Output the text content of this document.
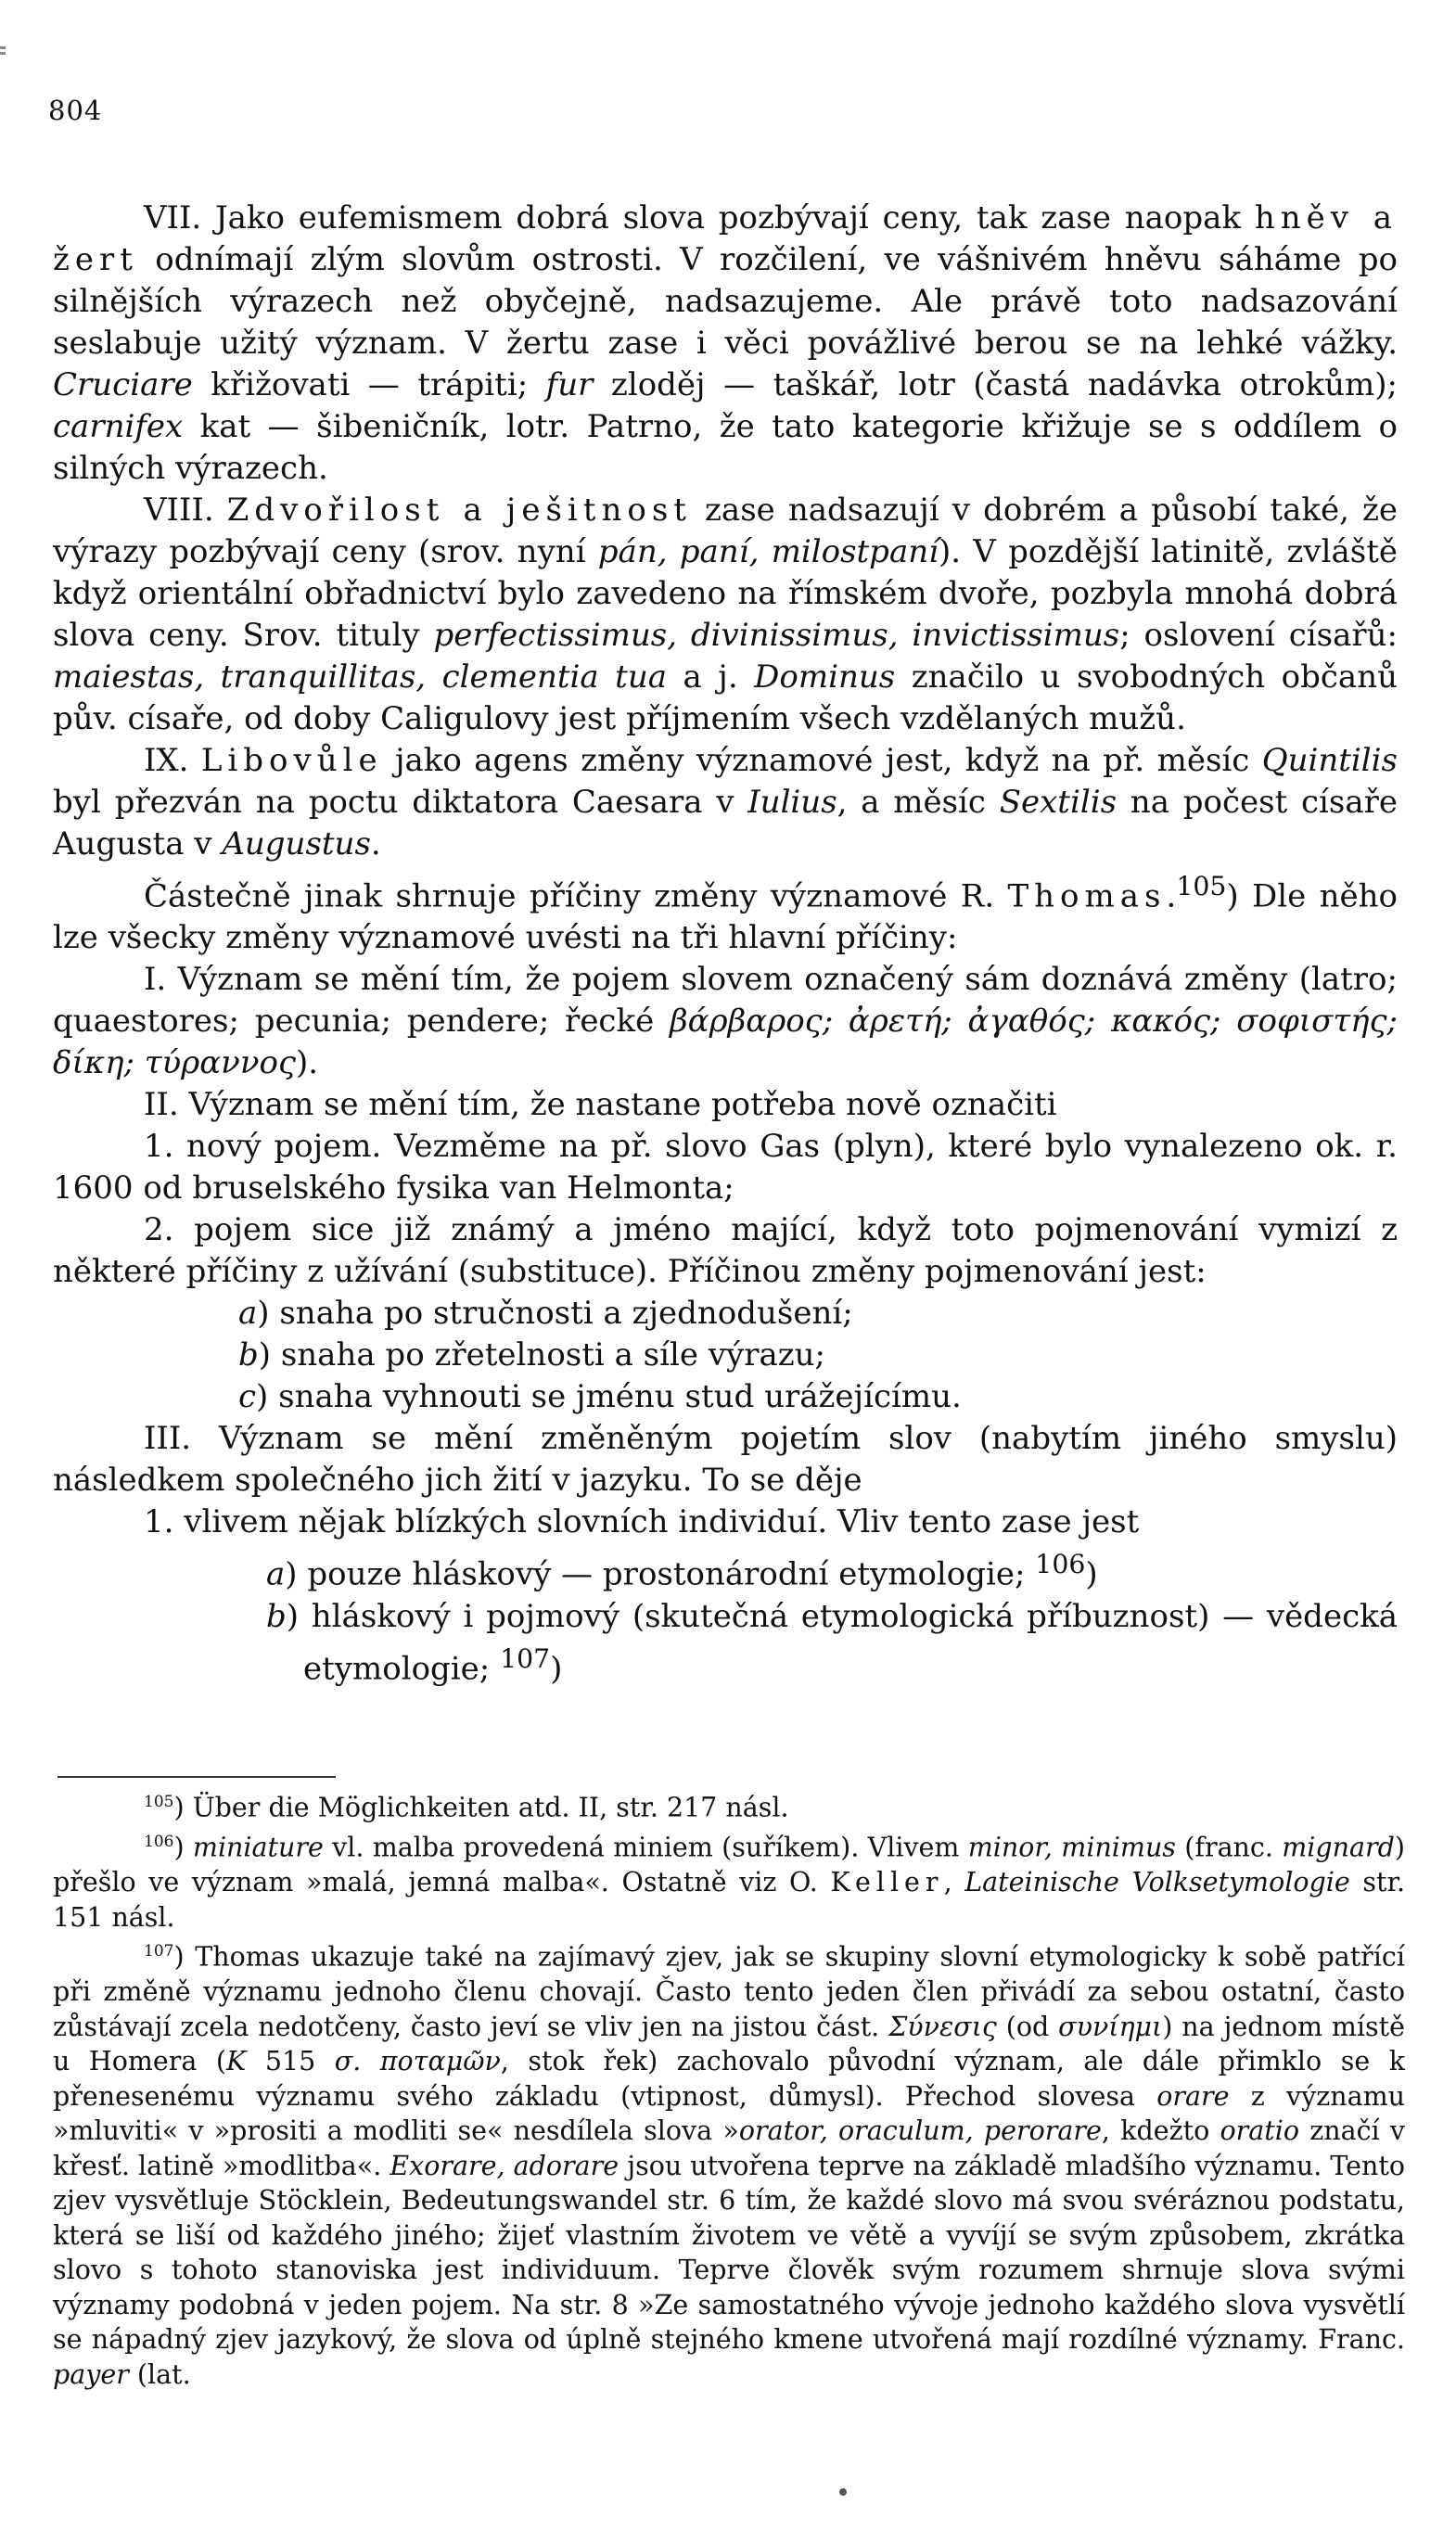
804

VII. Jako eufemismem dobrá slova pozbývají ceny, tak zase naopak hněv a žert odnímají zlým slovům ostrosti. V rozčilení, ve vášnivém hněvu sáháme po silnějších výrazech než obyčejně, nadsazujeme. Ale právě toto nadsazování seslabuje užitý význam. V žertu zase i věci povážlivé berou se na lehké vážky. Cruciare křižovati — trápiti; fur zloděj — taškář, lotr (častá nadávka otrokům); carnifex kat — šibeničník, lotr. Patrno, že tato kategorie křižuje se s oddílem o silných výrazech.

VIII. Zdvořilost a ješitnost zase nadsazují v dobrém a působí také, že výrazy pozbývají ceny (srov. nyní pán, paní, milostpaní). V pozdější latinitě, zvláště když orientální obřadnictví bylo zavedeno na římském dvoře, pozbyla mnohá dobrá slova ceny. Srov. tituly perfectissimus, divinissimus, invictissimus; oslovení císařů: maiestas, tranquillitas, clementia tua a j. Dominus značilo u svobodných občanů pův. císaře, od doby Caligulovy jest příjmením všech vzdělaných mužů.

IX. Libovůle jako agens změny významové jest, když na př. měsíc Quintilis byl přezván na poctu diktatora Caesara v Iulius, a měsíc Sextilis na počest císaře Augusta v Augustus.

Částečně jinak shrnuje příčiny změny významové R. Thomas.$^{105}$) Dle něho lze všecky změny významové uvésti na tři hlavní příčiny:

I. Význam se mění tím, že pojem slovem označený sám doznává změny (latro; quaestores; pecunia; pendere; řecké βάρβαρος; ἀρετή; ἀγαθός; κακός; σοφιστής; δίκη; τύραννος).

II. Význam se mění tím, že nastane potřeba nově označiti

1. nový pojem. Vezměme na př. slovo Gas (plyn), které bylo vynalezeno ok. r. 1600 od bruselského fysika van Helmonta;

2. pojem sice již známý a jméno mající, když toto pojmenování vymizí z některé příčiny z užívání (substituce). Příčinou změny pojmenování jest:

a) snaha po stručnosti a zjednodušení;

b) snaha po zřetelnosti a síle výrazu;

c) snaha vyhnouti se jménu stud urážejícímu.

III. Význam se mění změněným pojetím slov (nabytím jiného smyslu) následkem společného jich žití v jazyku. To se děje

1. vlivem nějak blízkých slovních individuí. Vliv tento zase jest

a) pouze hláskový — prostonárodní etymologie; $^{106}$)

b) hláskový i pojmový (skutečná etymologická příbuznost) — vědecká etymologie; $^{107}$)

$^{105}$) Über die Möglichkeiten atd. II, str. 217 násl.

$^{106}$) miniature vl. malba provedená miniem (suříkem). Vlivem minor, minimus (franc. mignard) přešlo ve význam »malá, jemná malba«. Ostatně viz O. Keller, Lateinische Volksetymologie str. 151 násl.

$^{107}$) Thomas ukazuje také na zajímavý zjev, jak se skupiny slovní etymologicky k sobě patřící při změně významu jednoho členu chovají. Často tento jeden člen přivádí za sebou ostatní, často zůstávají zcela nedotčeny, často jeví se vliv jen na jistou část. Σύνεσις (od συνίημι) na jednom místě u Homera (K 515 σ. ποταμῶν, stok řek) zachovalo původní význam, ale dále přimklo se k přenesenému významu svého základu (vtipnost, důmysl). Přechod slovesa orare z významu »mluviti« v »prositi a modliti se« nesdílela slova »orator, oraculum, perorare, kdežto oratio značí v křesť. latině »modlitba«. Exorare, adorare jsou utvořena teprve na základě mladšího významu. Tento zjev vysvětluje Stöcklein, Bedeutungswandel str. 6 tím, že každé slovo má svou svéráznou podstatu, která se liší od každého jiného; žijeť vlastním životem ve větě a vyvíjí se svým způsobem, zkrátka slovo s tohoto stanoviska jest individuum. Teprve člověk svým rozumem shrnuje slova svými významy podobná v jeden pojem. Na str. 8 »Ze samostatného vývoje jednoho každého slova vysvětlí se nápadný zjev jazykový, že slova od úplně stejného kmene utvořená mají rozdílné významy. Franc. payer (lat.
